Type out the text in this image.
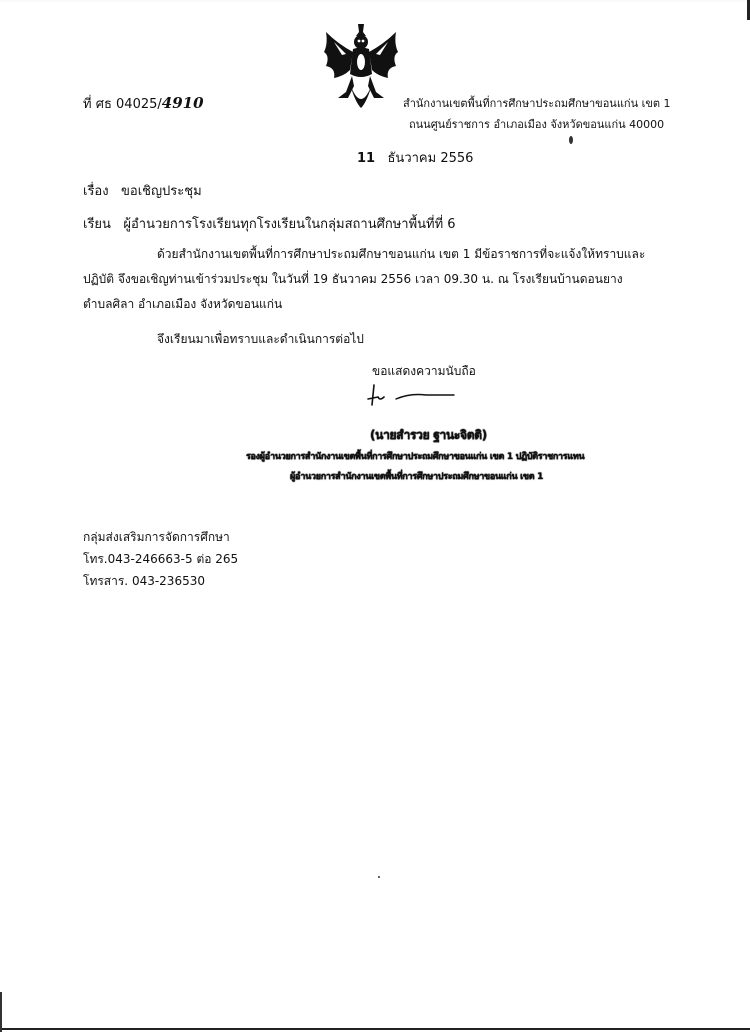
ที่ ศธ 04025/4910	สำนักงานเขตพื้นที่การศึกษาประถมศึกษาขอนแก่น เขต 1
ถนนศูนย์ราชการ อำเภอเมือง จังหวัดขอนแก่น 40000
11 ธันวาคม 2556
เรื่อง ขอเชิญประชุม
เรียน ผู้อำนวยการโรงเรียนทุกโรงเรียนในกลุ่มสถานศึกษาพื้นที่ที่ 6
ด้วยสำนักงานเขตพื้นที่การศึกษาประถมศึกษาขอนแก่น เขต 1 มีข้อราชการที่จะแจ้งให้ทราบและ
ปฏิบัติ จึงขอเชิญท่านเข้าร่วมประชุม ในวันที่ 19 ธันวาคม 2556 เวลา 09.30 น. ณ โรงเรียนบ้านดอนยาง
ตำบลศิลา อำเภอเมือง จังหวัดขอนแก่น
จึงเรียนมาเพื่อทราบและดำเนินการต่อไป
ขอแสดงความนับถือ
(นายสำรวย ฐานะจิตติ)
รองผู้อำนวยการสำนักงานเขตพื้นที่การศึกษาประถมศึกษาขอนแก่น เขต 1 ปฏิบัติราชการแทน
ผู้อำนวยการสำนักงานเขตพื้นที่การศึกษาประถมศึกษาขอนแก่น เขต 1
กลุ่มส่งเสริมการจัดการศึกษา
โทร.043-246663-5 ต่อ 265
โทรสาร. 043-236530
